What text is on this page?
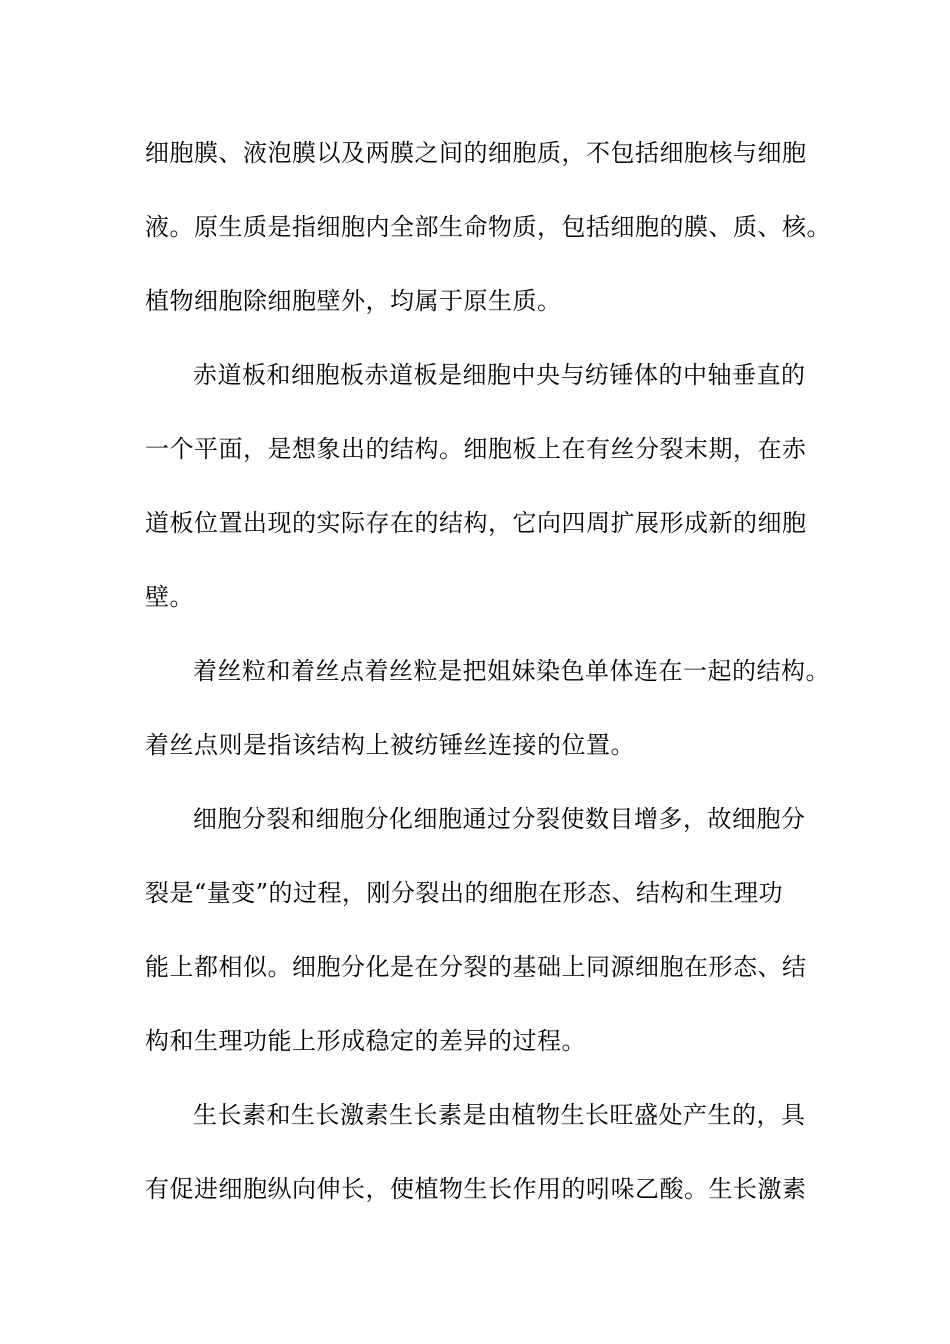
细胞膜、液泡膜以及两膜之间的细胞质，不包括细胞核与细胞
液。原生质是指细胞内全部生命物质，包括细胞的膜、质、核。
植物细胞除细胞壁外，均属于原生质。
赤道板和细胞板赤道板是细胞中央与纺锤体的中轴垂直的
一个平面，是想象出的结构。细胞板上在有丝分裂末期，在赤
道板位置出现的实际存在的结构，它向四周扩展形成新的细胞
壁。
着丝粒和着丝点着丝粒是把姐妹染色单体连在一起的结构。
着丝点则是指该结构上被纺锤丝连接的位置。
细胞分裂和细胞分化细胞通过分裂使数目增多，故细胞分
裂是“量变”的过程，刚分裂出的细胞在形态、结构和生理功
能上都相似。细胞分化是在分裂的基础上同源细胞在形态、结
构和生理功能上形成稳定的差异的过程。
生长素和生长激素生长素是由植物生长旺盛处产生的，具
有促进细胞纵向伸长，使植物生长作用的吲哚乙酸。生长激素
